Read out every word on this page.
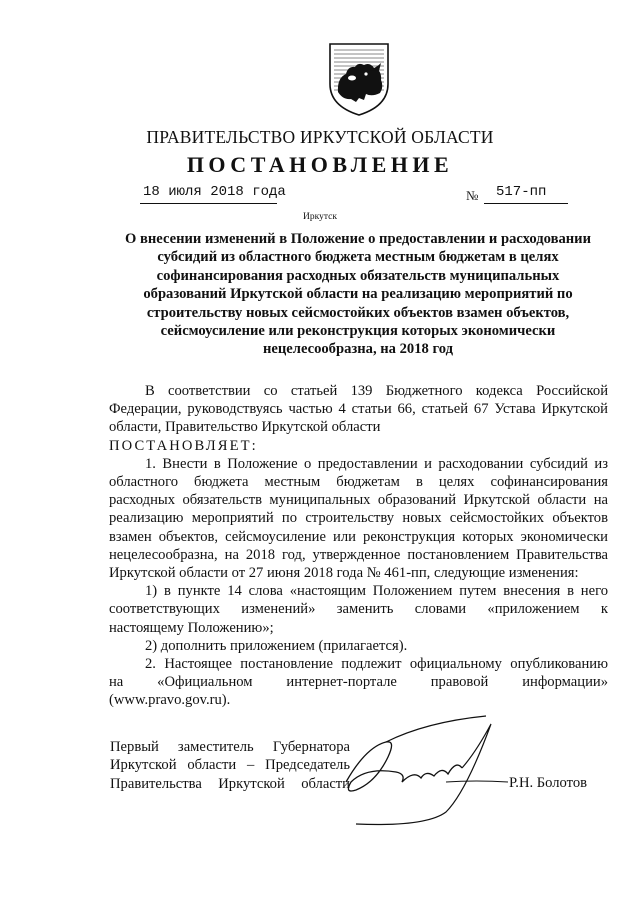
ПРАВИТЕЛЬСТВО ИРКУТСКОЙ ОБЛАСТИ
ПОСТАНОВЛЕНИЕ
18 июля 2018 года	№ 517-пп
Иркутск
О внесении изменений в Положение о предоставлении и расходовании
субсидий из областного бюджета местным бюджетам в целях
софинансирования расходных обязательств муниципальных
образований Иркутской области на реализацию мероприятий по
строительству новых сейсмостойких объектов взамен объектов,
сейсмоусиление или реконструкция которых экономически
нецелесообразна, на 2018 год
В соответствии со статьей 139 Бюджетного кодекса Российской
Федерации, руководствуясь частью 4 статьи 66, статьей 67 Устава Иркутской
области, Правительство Иркутской области
ПОСТАНОВЛЯЕТ:
1. Внести в Положение о предоставлении и расходовании субсидий из
областного бюджета местным бюджетам в целях софинансирования
расходных обязательств муниципальных образований Иркутской области на
реализацию мероприятий по строительству новых сейсмостойких объектов
взамен объектов, сейсмоусиление или реконструкция которых экономически
нецелесообразна, на 2018 год, утвержденное постановлением Правительства
Иркутской области от 27 июня 2018 года № 461-пп, следующие изменения:
1) в пункте 14 слова «настоящим Положением путем внесения в него
соответствующих изменений» заменить словами «приложением к
настоящему Положению»;
2) дополнить приложением (прилагается).
2. Настоящее постановление подлежит официальному опубликованию
на «Официальном интернет-портале правовой информации»
(www.pravo.gov.ru).
Первый заместитель Губернатора
Иркутской области – Председатель
Правительства Иркутской области	Р.Н. Болотов
